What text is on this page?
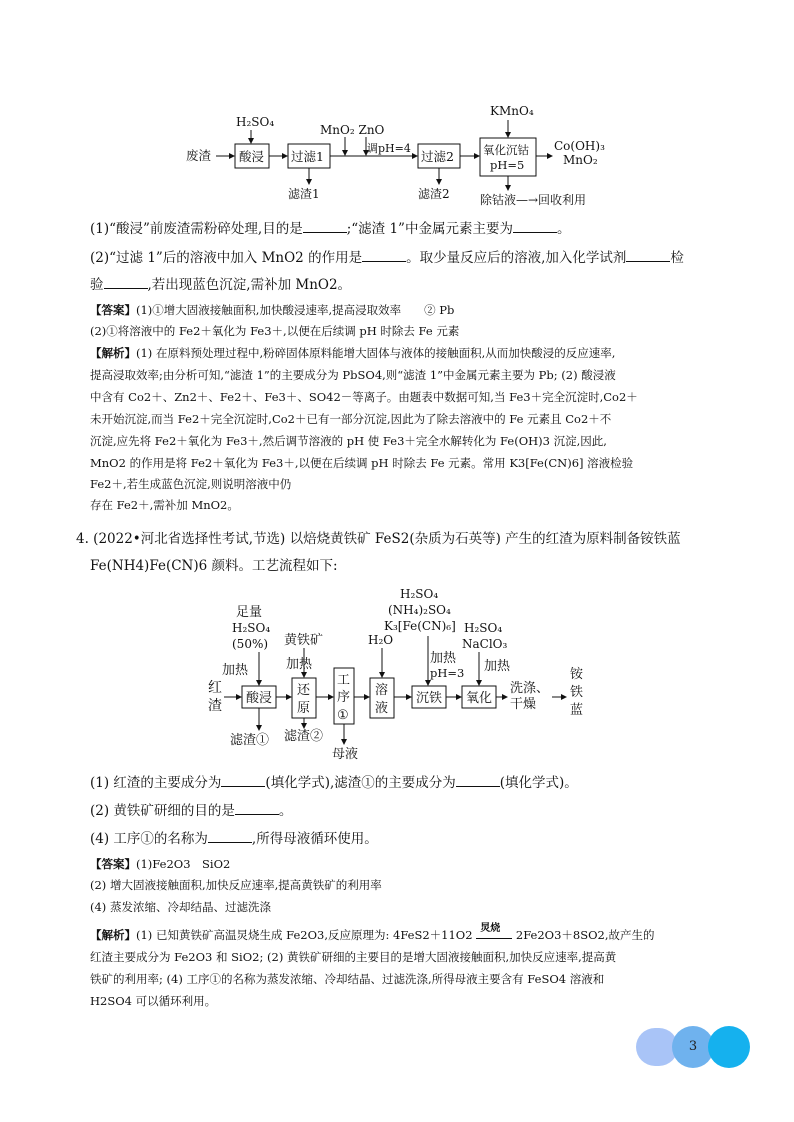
H₂SO₄
KMnO₄
MnO₂ ZnO
调pH=4
废渣 酸浸 过滤1	过滤2	氧化沉钴
pH=5
Co(OH)₃
MnO₂
滤渣1	滤渣2	除钴液—→回收利用
(1)“酸浸”前废渣需粉碎处理,目的是	;“滤渣 1”中金属元素主要为	。
(2)“过滤 1”后的溶液中加入 MnO2 的作用是	。取少量反应后的溶液,加入化学试剂	检
验	,若出现蓝色沉淀,需补加 MnO2。
【答案】(1)①增大固液接触面积,加快酸浸速率,提高浸取效率　　② Pb
(2)①将溶液中的 Fe2＋氧化为 Fe3＋,以便在后续调 pH 时除去 Fe 元素
【解析】(1) 在原料预处理过程中,粉碎固体原料能增大固体与液体的接触面积,从而加快酸浸的反应速率,
提高浸取效率;由分析可知,“滤渣 1”的主要成分为 PbSO4,则“滤渣 1”中金属元素主要为 Pb; (2) 酸浸液
中含有 Co2＋、Zn2＋、Fe2＋、Fe3＋、SO42－等离子。由题表中数据可知,当 Fe3＋完全沉淀时,Co2＋
未开始沉淀,而当 Fe2＋完全沉淀时,Co2＋已有一部分沉淀,因此为了除去溶液中的 Fe 元素且 Co2＋不
沉淀,应先将 Fe2＋氧化为 Fe3＋,然后调节溶液的 pH 使 Fe3＋完全水解转化为 Fe(OH)3 沉淀,因此,
MnO2 的作用是将 Fe2＋氧化为 Fe3＋,以便在后续调 pH 时除去 Fe 元素。常用 K3[Fe(CN)6] 溶液检验
Fe2＋,若生成蓝色沉淀,则说明溶液中仍
存在 Fe2＋,需补加 MnO2。
4. (2022•河北省选择性考试,节选) 以焙烧黄铁矿 FeS2(杂质为石英等) 产生的红渣为原料制备铵铁蓝
Fe(NH4)Fe(CN)6 颜料。工艺流程如下:
足量
H₂SO₄
(50%)
加热
红
渣 酸浸
黄铁矿
加热
还
原
工
序
①
H₂O
溶
液
H₂SO₄
(NH₄)₂SO₄
K₃[Fe(CN)₆]
加热
pH=3
沉铁
H₂SO₄
NaClO₃
加热
氧化
洗涤、
干燥
铵
铁
蓝
滤渣① 滤渣②
母液
(1) 红渣的主要成分为	(填化学式),滤渣①的主要成分为	(填化学式)。
(2) 黄铁矿研细的目的是	。
(4) 工序①的名称为	,所得母液循环使用。
【答案】(1)Fe2O3　SiO2
(2) 增大固液接触面积,加快反应速率,提高黄铁矿的利用率
(4) 蒸发浓缩、冷却结晶、过滤洗涤
【解析】(1) 已知黄铁矿高温炅烧生成 Fe2O3,反应原理为: 4FeS2＋11O2 炅烧 2Fe2O3＋8SO2,故产生的
红渣主要成分为 Fe2O3 和 SiO2; (2) 黄铁矿研细的主要目的是增大固液接触面积,加快反应速率,提高黄
铁矿的利用率; (4) 工序①的名称为蒸发浓缩、冷却结晶、过滤洗涤,所得母液主要含有 FeSO4 溶液和
H2SO4 可以循环利用。
3
